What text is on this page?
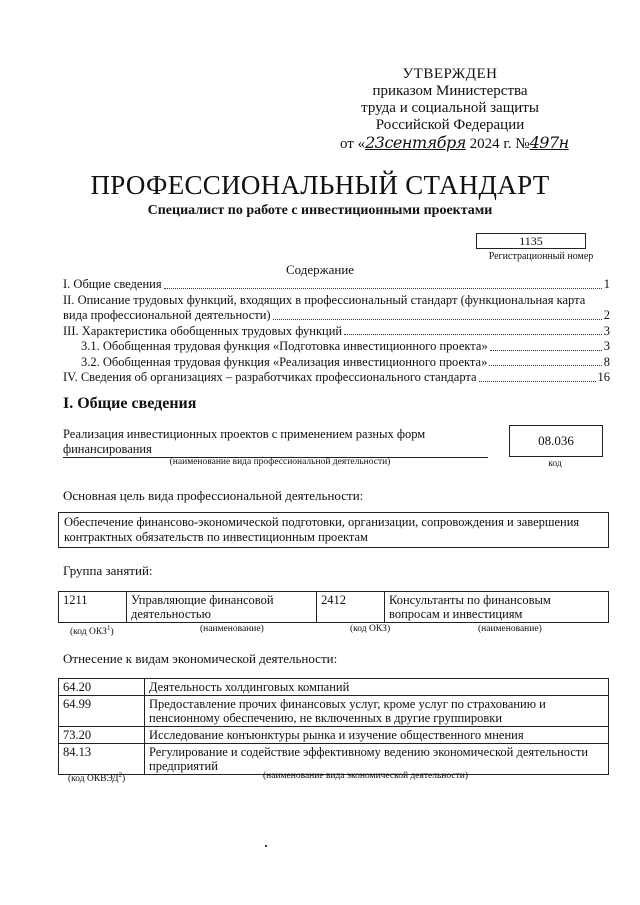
УТВЕРЖДЕН
приказом Министерства
труда и социальной защиты
Российской Федерации
от «23сентября 2024 г. №497н
ПРОФЕССИОНАЛЬНЫЙ СТАНДАРТ
Специалист по работе с инвестиционными проектами
1135
Регистрационный номер
Содержание
I. Общие сведения	1
II. Описание трудовых функций, входящих в профессиональный стандарт (функциональная карта
вида профессиональной деятельности)	2
III. Характеристика обобщенных трудовых функций	3
3.1. Обобщенная трудовая функция «Подготовка инвестиционного проекта»	3
3.2. Обобщенная трудовая функция «Реализация инвестиционного проекта»	8
IV. Сведения об организациях – разработчиках профессионального стандарта	16
I. Общие сведения
Реализация инвестиционных проектов с применением разных форм финансирования
(наименование вида профессиональной деятельности)
08.036
код
Основная цель вида профессиональной деятельности:
Обеспечение финансово-экономической подготовки, организации, сопровождения и завершения контрактных обязательств по инвестиционным проектам
Группа занятий:
1211	Управляющие финансовой деятельностью	2412	Консультанты по финансовым вопросам и инвестициям
(код ОКЗ$^1$)	(наименование)	(код ОКЗ)	(наименование)
Отнесение к видам экономической деятельности:
64.20	Деятельность холдинговых компаний
64.99	Предоставление прочих финансовых услуг, кроме услуг по страхованию и пенсионному обеспечению, не включенных в другие группировки
73.20	Исследование конъюнктуры рынка и изучение общественного мнения
84.13	Регулирование и содействие эффективному ведению экономической деятельности предприятий
(код ОКВЭД$^2$)	(наименование вида экономической деятельности)
